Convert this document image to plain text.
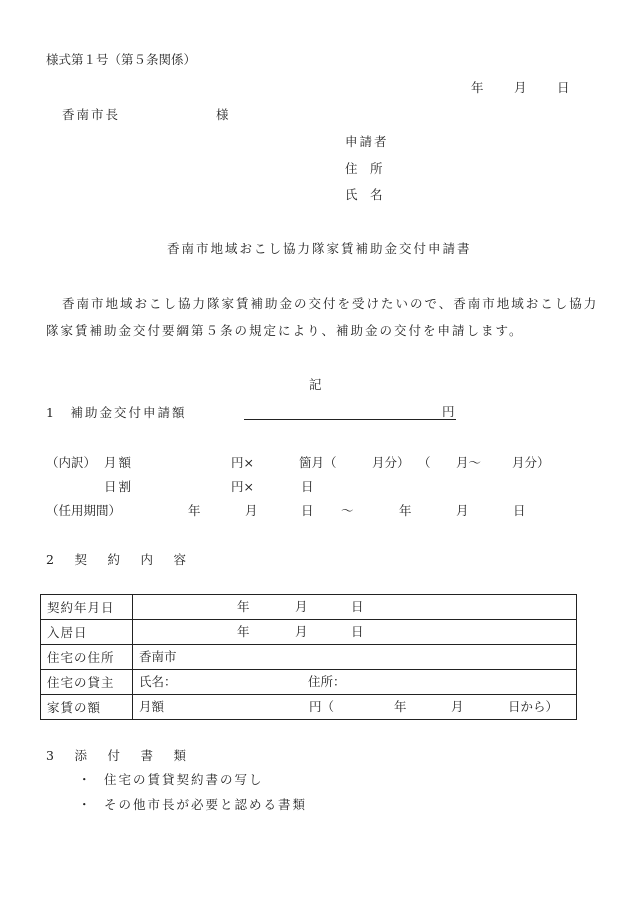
様式第１号（第５条関係）
年 月 日
香南市長	様
申請者
住　所
氏　名
香南市地域おこし協力隊家賃補助金交付申請書
香南市地域おこし協力隊家賃補助金の交付を受けたいので、香南市地域おこし協力
隊家賃補助金交付要綱第５条の規定により、補助金の交付を申請します。
記
1　補助金交付申請額	円
（内訳） 月額	円×	箇月（	月分） （ 月～ 月分）
日割	円×	日
（任用期間）	年	月	日 ～	年	月	日
2　契　約　内　容
契約年月日	年 月 日

入居日	年 月 日

住宅の住所	香南市

住宅の貸主	氏名： 住所：

家賃の額	月額 円（ 年 月 日から）
3　添　付　書　類
・ 住宅の賃貸契約書の写し
・ その他市長が必要と認める書類
